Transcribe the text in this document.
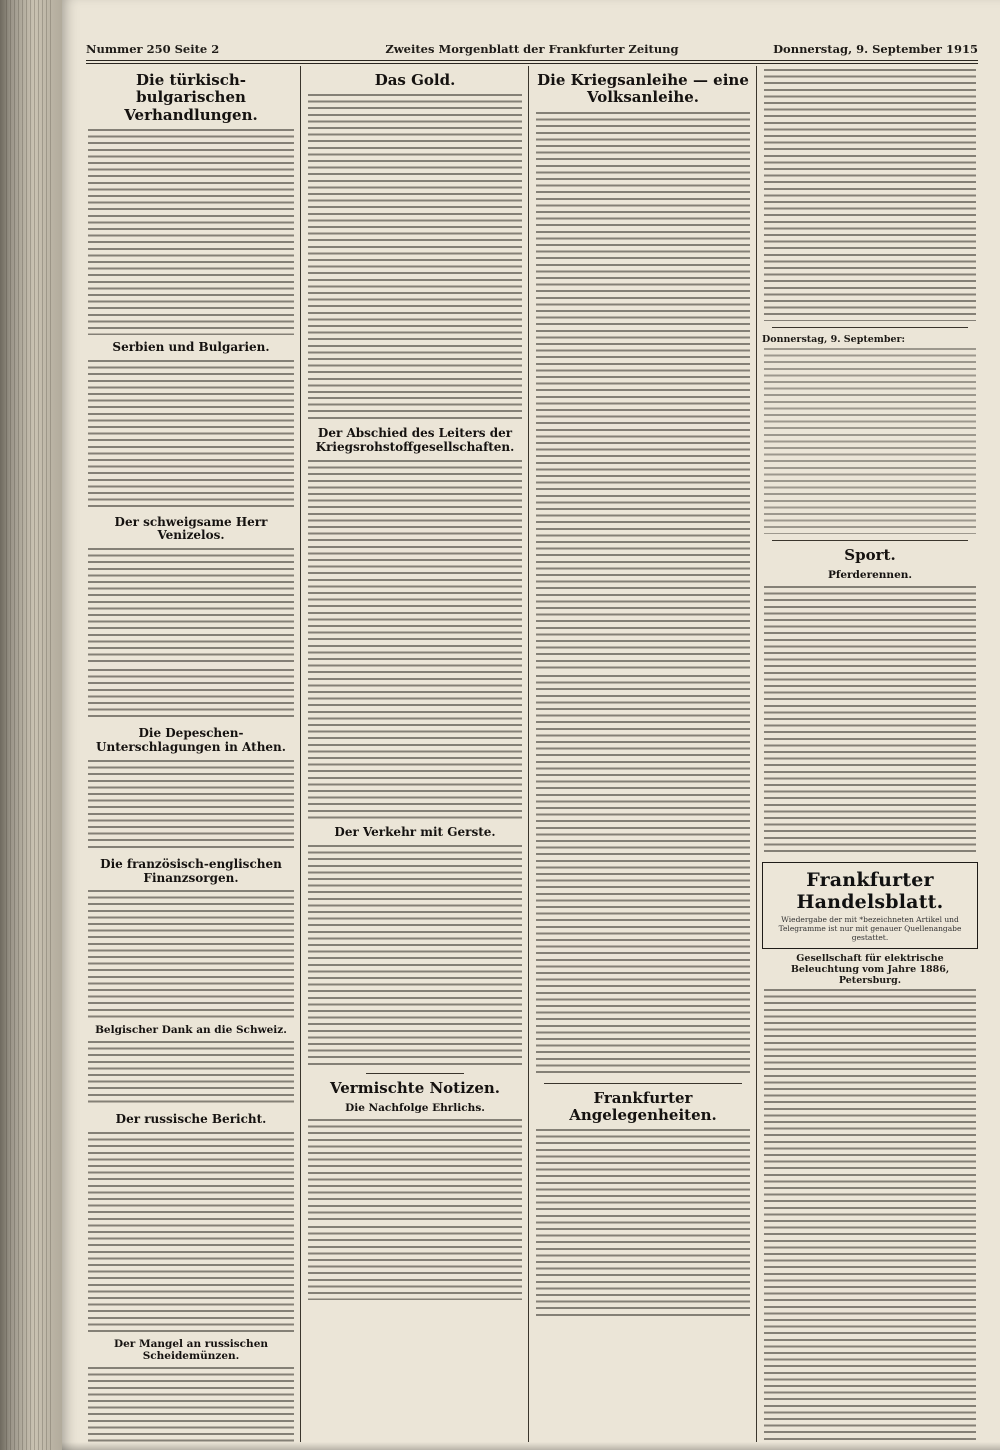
Nummer 250 Seite 2	Zweites Morgenblatt der Frankfurter Zeitung	Donnerstag, 9. September 1915
Die türkisch-bulgarischen Verhandlungen.
Serbien und Bulgarien.
Der schweigsame Herr Venizelos.
Die Depeschen-Unterschlagungen in Athen.
Die französisch-englischen Finanzsorgen.
Belgischer Dank an die Schweiz.
Der russische Bericht.
Der Mangel an russischen Scheidemünzen.
Das Gold.
Der Abschied des Leiters der Kriegsrohstoffgesellschaften.
Der Verkehr mit Gerste.
Vermischte Notizen.
Die Nachfolge Ehrlichs.
Die Kriegsanleihe — eine Volksanleihe.
Frankfurter Angelegenheiten.
Donnerstag, 9. September:
Sport.
Pferderennen.
Frankfurter Handelsblatt.
Wiedergabe der mit *bezeichneten Artikel und Telegramme ist nur mit genauer Quellenangabe gestattet.
Gesellschaft für elektrische Beleuchtung vom Jahre 1886, Petersburg.
